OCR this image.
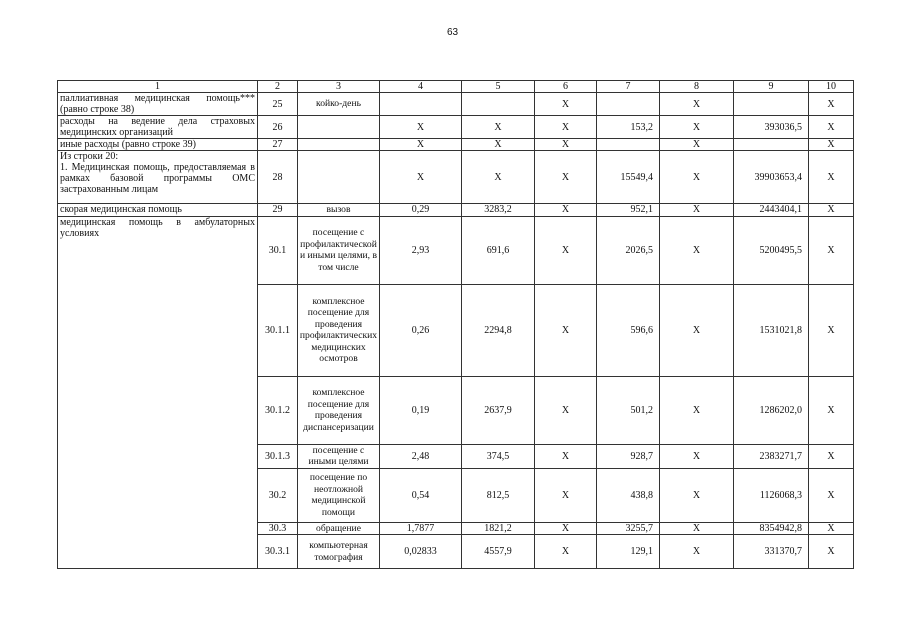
63
1	2	3	4	5	6	7	8	9	10
паллиативная медицинская помощь*** (равно строке 38)	25	койко-день			Х		Х		Х
расходы на ведение дела страховых медицинских организаций	26		Х	Х	Х	153,2	Х	393036,5	Х
иные расходы (равно строке 39)	27		Х	Х	Х		Х		Х
Из строки 20:
1. Медицинская помощь, предоставляемая в рамках базовой программы ОМС застрахованным лицам	28		Х	Х	Х	15549,4	Х	39903653,4	Х
скорая медицинская помощь	29	вызов	0,29	3283,2	Х	952,1	Х	2443404,1	Х
медицинская помощь в амбулаторных условиях	30.1	посещение с профилактической и иными целями, в том числе	2,93	691,6	Х	2026,5	Х	5200495,5	Х
	30.1.1	комплексное посещение для проведения профилактических медицинских осмотров	0,26	2294,8	Х	596,6	Х	1531021,8	Х
	30.1.2	комплексное посещение для проведения диспансеризации	0,19	2637,9	Х	501,2	Х	1286202,0	Х
	30.1.3	посещение с иными целями	2,48	374,5	Х	928,7	Х	2383271,7	Х
	30.2	посещение по неотложной медицинской помощи	0,54	812,5	Х	438,8	Х	1126068,3	Х
	30.3	обращение	1,7877	1821,2	Х	3255,7	Х	8354942,8	Х
	30.3.1	компьютерная томография	0,02833	4557,9	Х	129,1	Х	331370,7	Х
